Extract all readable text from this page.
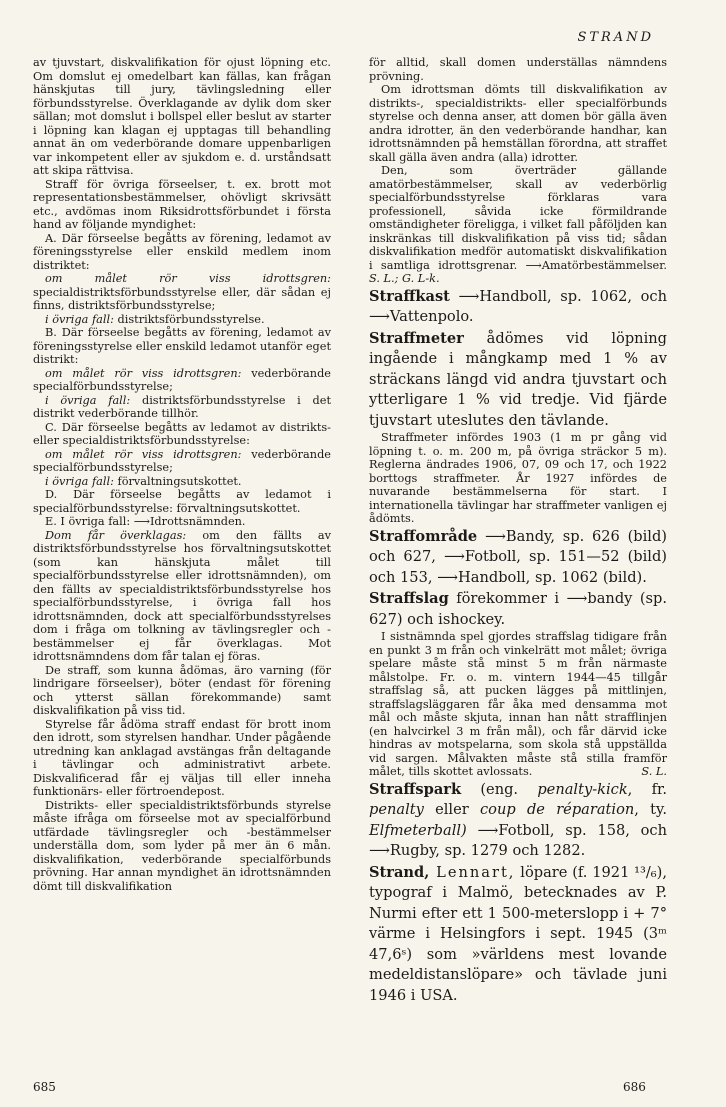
STRAND

av tjuvstart, diskvalifikation för ojust löpning etc. Om domslut ej omedelbart kan fällas, kan frågan hänskjutas till jury, tävlingsledning eller förbundsstyrelse. Överklagande av dylik dom sker sällan; mot domslut i bollspel eller beslut av starter i löpning kan klagan ej upptagas till behandling annat än om vederbörande domare uppenbarligen var inkompetent eller av sjukdom e. d. urståndsatt att skipa rättvisa.

Straff för övriga förseelser, t. ex. brott mot representationsbestämmelser, ohövligt skrivsätt etc., avdömas inom Riksidrottsförbundet i första hand av följande myndighet:

A. Där förseelse begåtts av förening, ledamot av föreningsstyrelse eller enskild medlem inom distriktet:

om målet rör viss idrottsgren: specialdistriktsförbundsstyrelse eller, där sådan ej finns, distriktsförbundsstyrelse;

i övriga fall: distriktsförbundsstyrelse.

B. Där förseelse begåtts av förening, ledamot av föreningsstyrelse eller enskild ledamot utanför eget distrikt:

om målet rör viss idrottsgren: vederbörande specialförbundsstyrelse;

i övriga fall: distriktsförbundsstyrelse i det distrikt vederbörande tillhör.

C. Där förseelse begåtts av ledamot av distrikts- eller specialdistriktsförbundsstyrelse:

om målet rör viss idrottsgren: vederbörande specialförbundsstyrelse;

i övriga fall: förvaltningsutskottet.

D. Där förseelse begåtts av ledamot i specialförbundsstyrelse: förvaltningsutskottet.

E. I övriga fall: ⟶Idrottsnämnden.

Dom får överklagas: om den fällts av distriktsförbundsstyrelse hos förvaltningsutskottet (som kan hänskjuta målet till specialförbundsstyrelse eller idrottsnämnden), om den fällts av specialdistriktsförbundsstyrelse hos specialförbundsstyrelse, i övriga fall hos idrottsnämnden, dock att specialförbundsstyrelses dom i fråga om tolkning av tävlingsregler och -bestämmelser ej får överklagas. Mot idrottsnämndens dom får talan ej föras.

De straff, som kunna ådömas, äro varning (för lindrigare förseelser), böter (endast för förening och ytterst sällan förekommande) samt diskvalifikation på viss tid.

Styrelse får ådöma straff endast för brott inom den idrott, som styrelsen handhar. Under pågående utredning kan anklagad avstängas från deltagande i tävlingar och administrativt arbete. Diskvalificerad får ej väljas till eller inneha funktionärs- eller förtroendepost.

Distrikts- eller specialdistriktsförbunds styrelse måste ifråga om förseelse mot av specialförbund utfärdade tävlingsregler och -bestämmelser underställa dom, som lyder på mer än 6 mån. diskvalifikation, vederbörande specialförbunds prövning. Har annan myndighet än idrottsnämnden dömt till diskvalifikation

för alltid, skall domen underställas nämndens prövning.

Om idrottsman dömts till diskvalifikation av distrikts-, specialdistrikts- eller specialförbunds styrelse och denna anser, att domen bör gälla även andra idrotter, än den vederbörande handhar, kan idrottsnämnden på hemställan förordna, att straffet skall gälla även andra (alla) idrotter.

Den, som överträder gällande amatörbestämmelser, skall av vederbörlig specialförbundsstyrelse förklaras vara professionell, såvida icke förmildrande omständigheter föreligga, i vilket fall påföljden kan inskränkas till diskvalifikation på viss tid; sådan diskvalifikation medför automatiskt diskvalifikation i samtliga idrottsgrenar. ⟶Amatörbestämmelser. S. L.; G. L-k.

Straffkast ⟶Handboll, sp. 1062, och ⟶Vattenpolo.

Straffmeter ådömes vid löpning ingående i mångkamp med 1 % av sträckans längd vid andra tjuvstart och ytterligare 1 % vid tredje. Vid fjärde tjuvstart uteslutes den tävlande.

Straffmeter infördes 1903 (1 m pr gång vid löpning t. o. m. 200 m, på övriga sträckor 5 m). Reglerna ändrades 1906, 07, 09 och 17, och 1922 borttogs straffmeter. År 1927 infördes de nuvarande bestämmelserna för start. I internationella tävlingar har straffmeter vanligen ej ådömts.

Straffområde ⟶Bandy, sp. 626 (bild) och 627, ⟶Fotboll, sp. 151—52 (bild) och 153, ⟶Handboll, sp. 1062 (bild).

Straffslag förekommer i ⟶bandy (sp. 627) och ishockey.

I sistnämnda spel gjordes straffslag tidigare från en punkt 3 m från och vinkelrätt mot målet; övriga spelare måste stå minst 5 m från närmaste målstolpe. Fr. o. m. vintern 1944—45 tillgår straffslag så, att pucken lägges på mittlinjen, straffslagsläggaren får åka med densamma mot mål och måste skjuta, innan han nått strafflinjen (en halvcirkel 3 m från mål), och får därvid icke hindras av motspelarna, som skola stå uppställda vid sargen. Målvakten måste stå stilla framför målet, tills skottet avlossats.	S. L.

Straffspark (eng. penalty-kick, fr. penalty eller coup de réparation, ty. Elfmeterball) ⟶Fotboll, sp. 158, och ⟶Rugby, sp. 1279 och 1282.

Strand, Lennart, löpare (f. 1921 ¹³/₆), typograf i Malmö, betecknades av P. Nurmi efter ett 1 500-meterslopp i + 7° värme i Helsingfors i sept. 1945 (3ᵐ 47,6ˢ) som »världens mest lovande medeldistanslöpare» och tävlade juni 1946 i USA.

685	686
